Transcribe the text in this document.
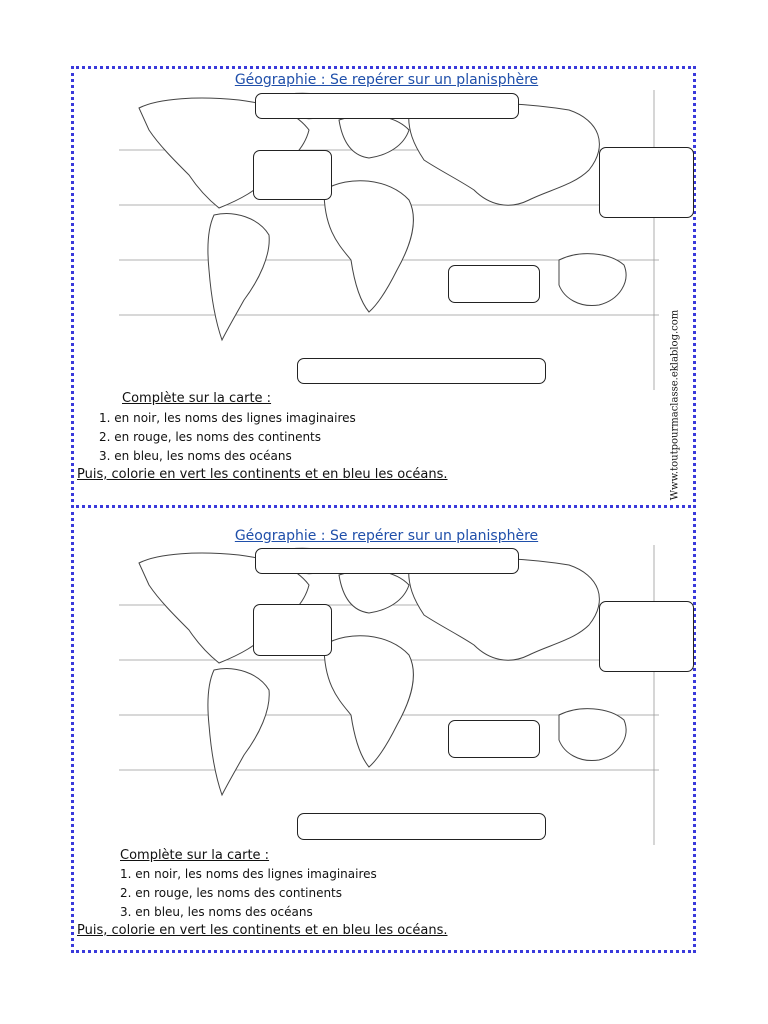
Géographie : Se repérer sur un planisphère
Complète sur la carte :
1. en noir, les noms des lignes imaginaires
2. en rouge, les noms des continents
3. en bleu, les noms des océans
Puis, colorie en vert les continents et en bleu les océans.	Www.toutpourmaclasse.eklablog.com
Géographie : Se repérer sur un planisphère
Complète sur la carte :
1. en noir, les noms des lignes imaginaires
2. en rouge, les noms des continents
3. en bleu, les noms des océans
Puis, colorie en vert les continents et en bleu les océans.
